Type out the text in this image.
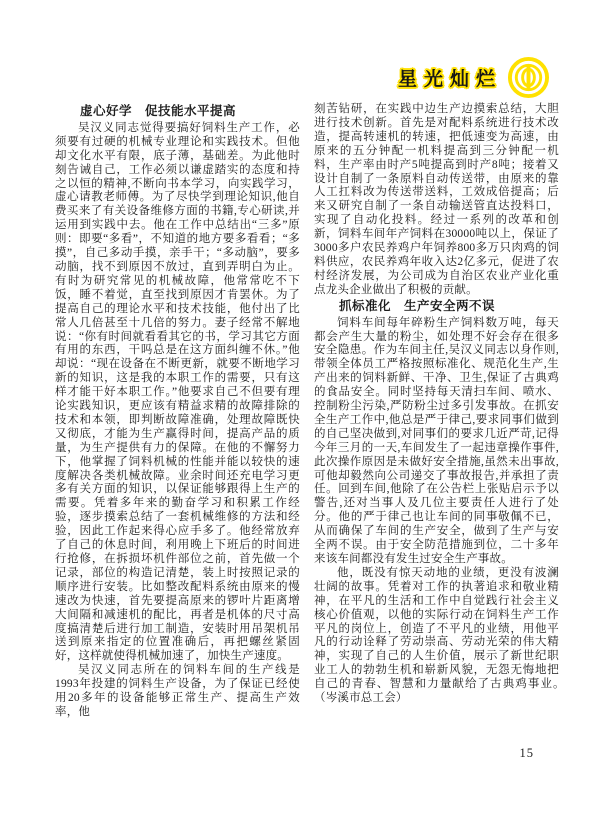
星光灿烂
虚心好学　促技能水平提高

吴汉义同志觉得要搞好饲料生产工作，必须要有过硬的机械专业理论和实践技术。但他却文化水平有限，底子薄，基础差。为此他时刻告诫自己，工作必须以谦虚踏实的态度和持之以恒的精神,不断向书本学习，向实践学习，虚心请教老师傅。为了尽快学到理论知识,他自费买来了有关设备维修方面的书籍,专心研读,并运用到实践中去。他在工作中总结出“三多”原则：即要“多看”，不知道的地方要多看看；“多摸”，自己多动手摸，亲手干；“多动脑”，要多动脑，找不到原因不放过，直到弄明白为止。有时为研究常见的机械故障，他常常吃不下饭，睡不着觉，直至找到原因才肯罢休。为了提高自己的理论水平和技术技能，他付出了比常人几倍甚至十几倍的努力。妻子经常不解地说：“你有时间就看看其它的书，学习其它方面有用的东西，干吗总是在这方面纠缠不休。”他却说：“现在设备在不断更新，就要不断地学习新的知识，这是我的本职工作的需要，只有这样才能干好本职工作。”他要求自己不但要有理论实践知识，更应该有精益求精的故障排除的技术和本领，即判断故障准确，处理故障既快又彻底，才能为生产赢得时间，提高产品的质量，为生产提供有力的保障。在他的不懈努力下，他掌握了饲料机械的性能并能以较快的速度解决各类机械故障。业余时间还充电学习更多有关方面的知识，以保证能够跟得上生产的需要。凭着多年来的勤奋学习和积累工作经验，逐步摸索总结了一套机械维修的方法和经验，因此工作起来得心应手多了。他经常放弃了自己的休息时间，利用晚上下班后的时间进行抢修，在拆损坏机件部位之前，首先做一个记录，部位的构造记清楚，装上时按照记录的顺序进行安装。比如整改配料系统由原来的慢速改为快速，首先要提高原来的锣叶片距离增大间隔和减速机的配比，再者是机体的尺寸高度搞清楚后进行加工制造，安装时用吊架机吊送到原来指定的位置准确后，再把螺丝紧固好，这样就使得机械加速了，加快生产速度。

吴汉义同志所在的饲料车间的生产线是1993年投建的饲料生产设备，为了保证已经使用20多年的设备能够正常生产、提高生产效率，他

刻苦钻研，在实践中边生产边摸索总结，大胆进行技术创新。首先是对配料系统进行技术改造，提高转速机的转速，把低速变为高速，由原来的五分钟配一机料提高到三分钟配一机料，生产率由时产5吨提高到时产8吨；接着又设计自制了一条原料自动传送带，由原来的靠人工扛料改为传送带送料，工效成倍提高；后来又研究自制了一条自动输送管直达投料口，实现了自动化投料。经过一系列的改革和创新，饲料车间年产饲料在30000吨以上，保证了3000多户农民养鸡户年饲养800多万只肉鸡的饲料供应，农民养鸡年收入达2亿多元，促进了农村经济发展，为公司成为自治区农业产业化重点龙头企业做出了积极的贡献。

抓标准化　生产安全两不误

饲料车间每年碎粉生产饲料数万吨，每天都会产生大量的粉尘，如处理不好会存在很多安全隐患。作为车间主任,吴汉义同志以身作则,带领全体员工严格按照标准化、规范化生产,生产出来的饲料新鲜、干净、卫生,保证了古典鸡的食品安全。同时坚持每天清扫车间、喷水、控制粉尘污染,严防粉尘过多引发事故。在抓安全生产工作中,他总是严于律己,要求同事们做到的自己坚决做到,对同事们的要求几近严苛,记得今年三月的一天,车间发生了一起违章操作事件,此次操作原因是未做好安全措施,虽然未出事故,可他却毅然向公司递交了事故报告,并承担了责任。回到车间,他除了在公告栏上张贴启示予以警告,还对当事人及几位主要责任人进行了处分。他的严于律己也让车间的同事敬佩不已，从而确保了车间的生产安全，做到了生产与安全两不误。由于安全防范措施到位，二十多年来该车间都没有发生过安全生产事故。

他，既没有惊天动地的业绩，更没有波澜壮阔的故事。凭着对工作的执著追求和敬业精神，在平凡的生活和工作中自觉践行社会主义核心价值观，以他的实际行动在饲料生产工作平凡的岗位上，创造了不平凡的业绩，用他平凡的行动诠释了劳动崇高、劳动光荣的伟大精神，实现了自己的人生价值，展示了新世纪职业工人的勃勃生机和崭新风貌，无怨无悔地把自己的青春、智慧和力量献给了古典鸡事业。　（岑溪市总工会）

15
